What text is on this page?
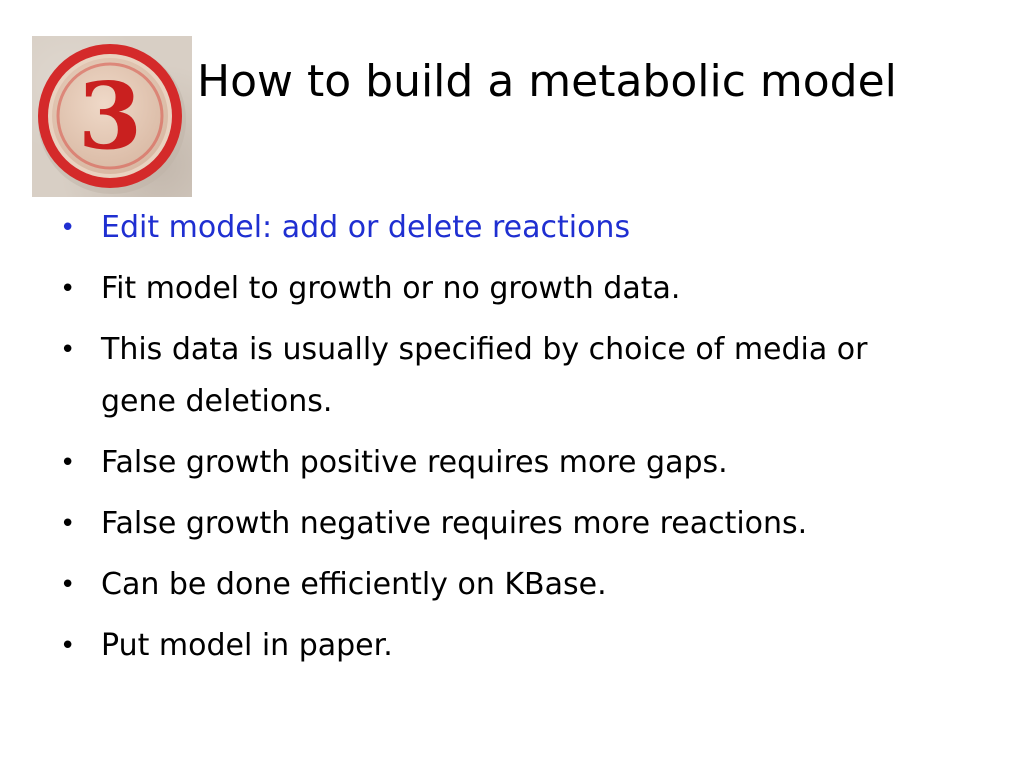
3 How to build a metabolic model
• Edit model: add or delete reactions
• Fit model to growth or no growth data.
• This data is usually specified by choice of media or gene deletions.
• False growth positive requires more gaps.
• False growth negative requires more reactions.
• Can be done efficiently on KBase.
• Put model in paper.
